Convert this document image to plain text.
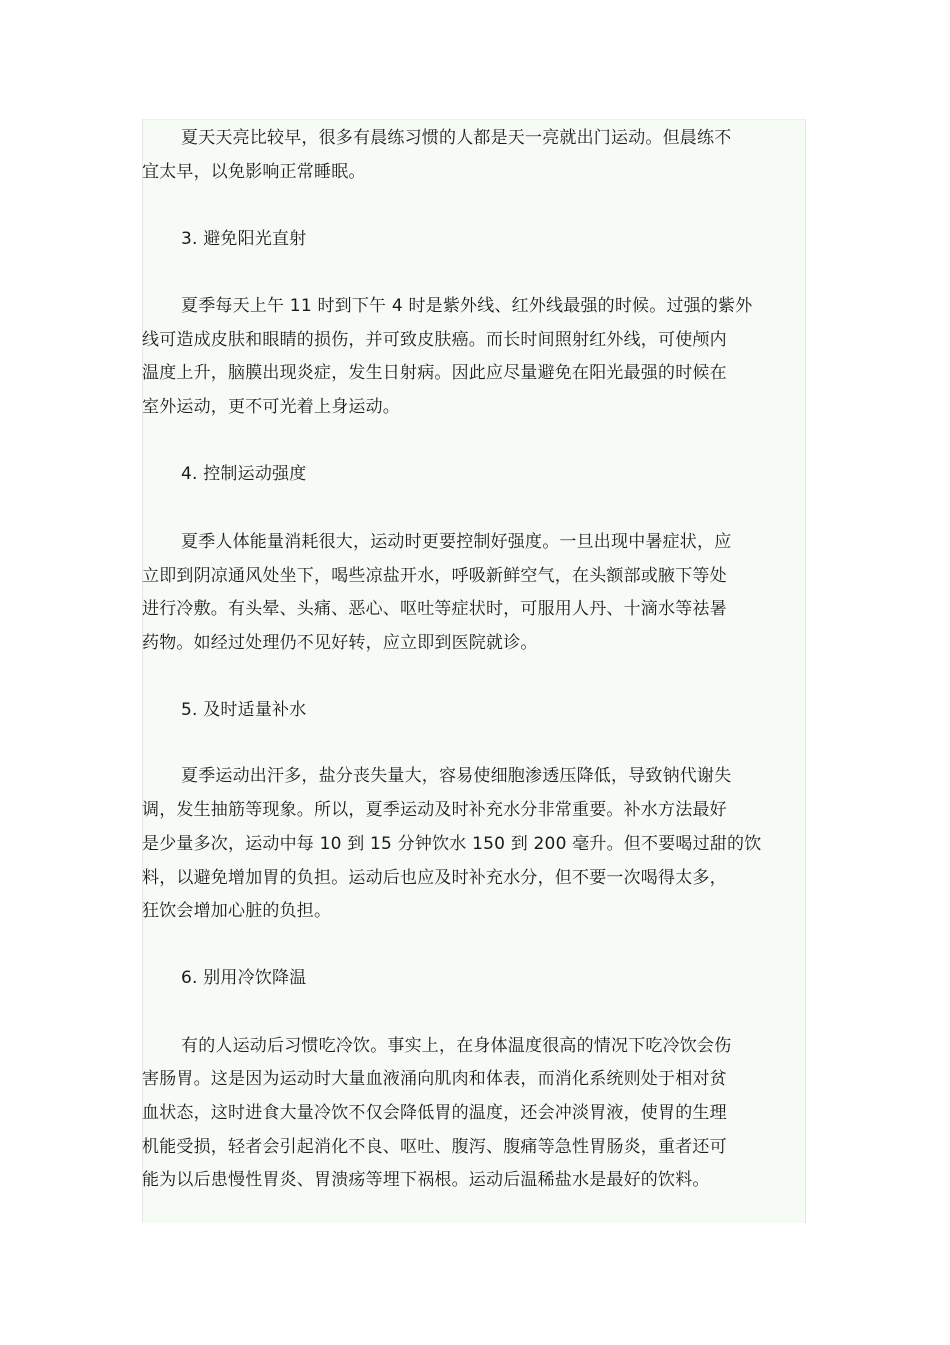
夏天天亮比较早，很多有晨练习惯的人都是天一亮就出门运动。但晨练不
宜太早，以免影响正常睡眠。
3. 避免阳光直射
夏季每天上午 11 时到下午 4 时是紫外线、红外线最强的时候。过强的紫外
线可造成皮肤和眼睛的损伤，并可致皮肤癌。而长时间照射红外线，可使颅内
温度上升，脑膜出现炎症，发生日射病。因此应尽量避免在阳光最强的时候在
室外运动，更不可光着上身运动。
4. 控制运动强度
夏季人体能量消耗很大，运动时更要控制好强度。一旦出现中暑症状，应
立即到阴凉通风处坐下，喝些凉盐开水，呼吸新鲜空气，在头额部或腋下等处
进行冷敷。有头晕、头痛、恶心、呕吐等症状时，可服用人丹、十滴水等祛暑
药物。如经过处理仍不见好转，应立即到医院就诊。
5. 及时适量补水
夏季运动出汗多，盐分丧失量大，容易使细胞渗透压降低，导致钠代谢失
调，发生抽筋等现象。所以，夏季运动及时补充水分非常重要。补水方法最好
是少量多次，运动中每 10 到 15 分钟饮水 150 到 200 毫升。但不要喝过甜的饮
料，以避免增加胃的负担。运动后也应及时补充水分，但不要一次喝得太多，
狂饮会增加心脏的负担。
6. 别用冷饮降温
有的人运动后习惯吃冷饮。事实上，在身体温度很高的情况下吃冷饮会伤
害肠胃。这是因为运动时大量血液涌向肌肉和体表，而消化系统则处于相对贫
血状态，这时进食大量冷饮不仅会降低胃的温度，还会冲淡胃液，使胃的生理
机能受损，轻者会引起消化不良、呕吐、腹泻、腹痛等急性胃肠炎，重者还可
能为以后患慢性胃炎、胃溃疡等埋下祸根。运动后温稀盐水是最好的饮料。
